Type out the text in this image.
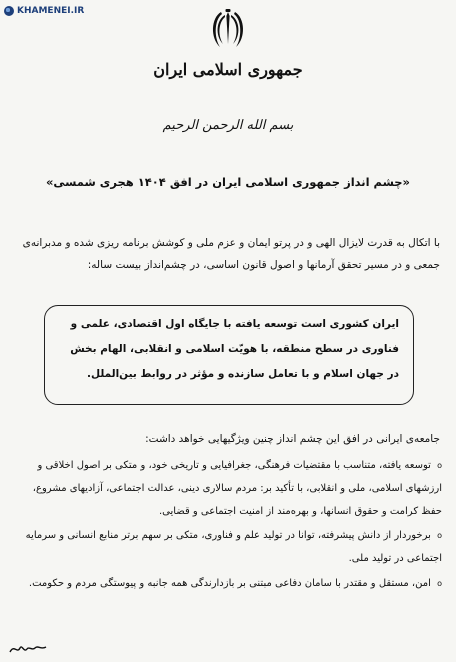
KHAMENEI.IR
جمهوری اسلامی ایران
بسم الله الرحمن الرحیم
«چشم انداز جمهوری اسلامی ایران در افق ۱۴۰۴ هجری شمسی»
با اتکال به قدرت لایزال الهی و در پرتو ایمان و عزم ملی و کوشش برنامه ریزی شده و مدبرانه‌ی جمعی و در مسیر تحقق آرمانها و اصول قانون اساسی، در چشم‌انداز بیست ساله:
ایران کشوری است توسعه یافته با جایگاه اول اقتصادی، علمی و فناوری در سطح منطقه، با هویّت اسلامی و انقلابی، الهام بخش در جهان اسلام و با تعامل سازنده و مؤثر در روابط بین‌الملل.
جامعه‌ی ایرانی در افق این چشم انداز چنین ویژگیهایی خواهد داشت:
o توسعه یافته، متناسب با مقتضیات فرهنگی، جغرافیایی و تاریخی خود، و متکی بر اصول اخلاقی و ارزشهای اسلامی، ملی و انقلابی، با تأکید بر: مردم سالاری دینی، عدالت اجتماعی، آزادیهای مشروع، حفظ کرامت و حقوق انسانها، و بهره‌مند از امنیت اجتماعی و قضایی.
o برخوردار از دانش پیشرفته، توانا در تولید علم و فناوری، متکی بر سهم برتر منابع انسانی و سرمایه اجتماعی در تولید ملی.
o امن، مستقل و مقتدر با سامان دفاعی مبتنی بر بازدارندگی همه جانبه و پیوستگی مردم و حکومت.
